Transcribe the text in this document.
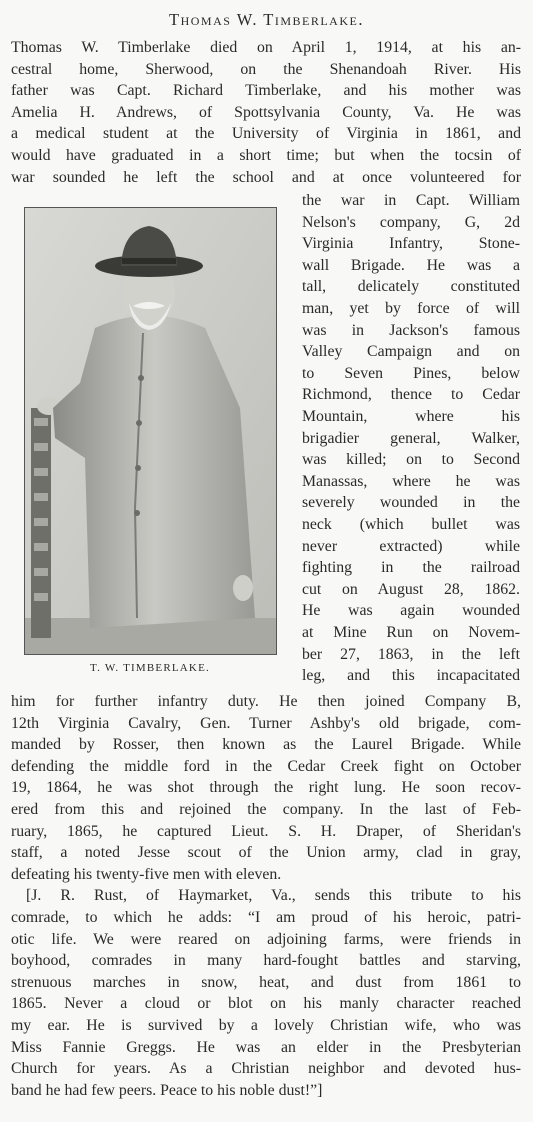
Thomas W. Timberlake.
Thomas W. Timberlake died on April 1, 1914, at his an-
cestral home, Sherwood, on the Shenandoah River. His
father was Capt. Richard Timberlake, and his mother was
Amelia H. Andrews, of Spottsylvania County, Va. He was
a medical student at the University of Virginia in 1861, and
would have graduated in a short time; but when the tocsin of
war sounded he left the school and at once volunteered for
T. W. TIMBERLAKE.
the war in Capt. William
Nelson's company, G, 2d
Virginia Infantry, Stone-
wall Brigade. He was a
tall, delicately constituted
man, yet by force of will
was in Jackson's famous
Valley Campaign and on
to Seven Pines, below
Richmond, thence to Cedar
Mountain, where his
brigadier general, Walker,
was killed; on to Second
Manassas, where he was
severely wounded in the
neck (which bullet was
never extracted) while
fighting in the railroad
cut on August 28, 1862.
He was again wounded
at Mine Run on Novem-
ber 27, 1863, in the left
leg, and this incapacitated
him for further infantry duty. He then joined Company B,
12th Virginia Cavalry, Gen. Turner Ashby's old brigade, com-
manded by Rosser, then known as the Laurel Brigade. While
defending the middle ford in the Cedar Creek fight on October
19, 1864, he was shot through the right lung. He soon recov-
ered from this and rejoined the company. In the last of Feb-
ruary, 1865, he captured Lieut. S. H. Draper, of Sheridan's
staff, a noted Jesse scout of the Union army, clad in gray,
defeating his twenty-five men with eleven.
[J. R. Rust, of Haymarket, Va., sends this tribute to his
comrade, to which he adds: “I am proud of his heroic, patri-
otic life. We were reared on adjoining farms, were friends in
boyhood, comrades in many hard-fought battles and starving,
strenuous marches in snow, heat, and dust from 1861 to
1865. Never a cloud or blot on his manly character reached
my ear. He is survived by a lovely Christian wife, who was
Miss Fannie Greggs. He was an elder in the Presbyterian
Church for years. As a Christian neighbor and devoted hus-
band he had few peers. Peace to his noble dust!”]
